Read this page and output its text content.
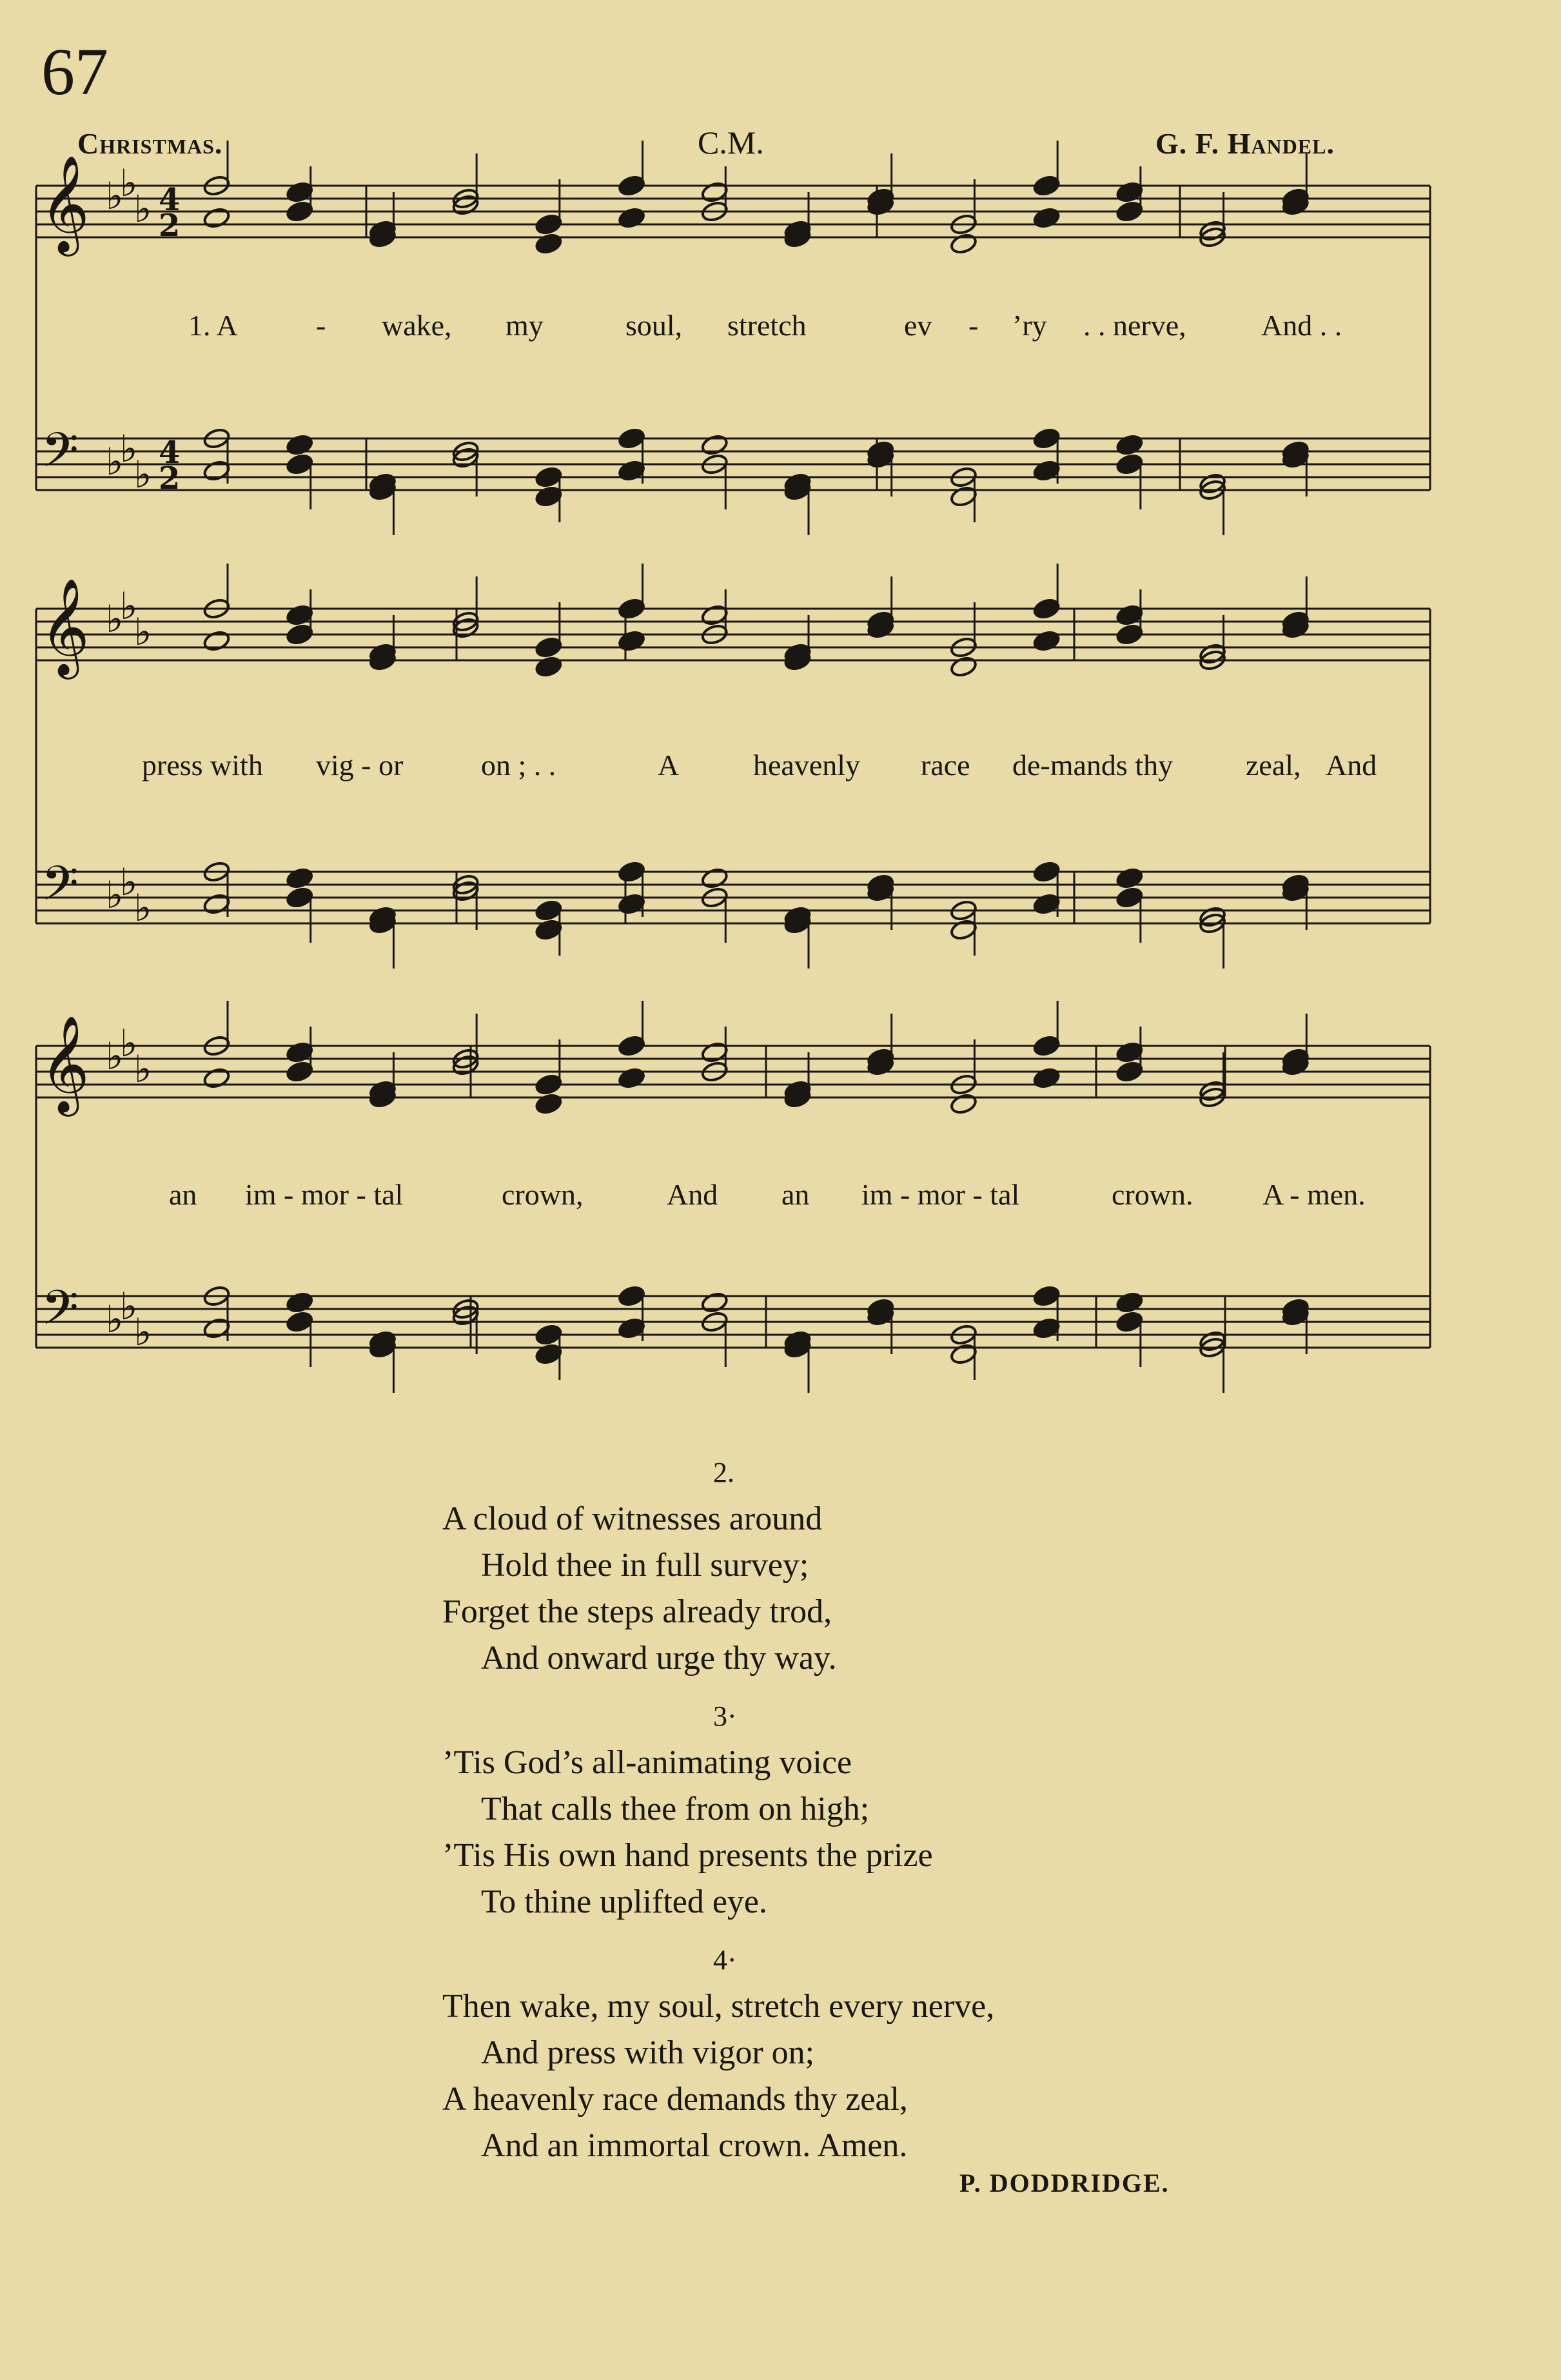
67
Christmas.	C.M.	G. F. Handel.
𝄞
𝄢
♭
♭
♭
♭
♭
♭
4
2
4
2
𝄞
𝄢
♭
♭
♭
♭
♭
♭
𝄞
𝄢
♭
♭
♭
♭
♭
♭
1. A	- wake, my	soul, stretch	ev - ’ry . . nerve,	And . .
press with vig - or	on ; . .	A heavenly race de-mands thy zeal, And
an im - mor - tal	crown,	And an im - mor - tal	crown. A - men.
2.
A cloud of witnesses around
Hold thee in full survey;
Forget the steps already trod,
And onward urge thy way.
3·
’Tis God’s all-animating voice
That calls thee from on high;
’Tis His own hand presents the prize
To thine uplifted eye.
4·
Then wake, my soul, stretch every nerve,
And press with vigor on;
A heavenly race demands thy zeal,
And an immortal crown. Amen.
P. DODDRIDGE.
